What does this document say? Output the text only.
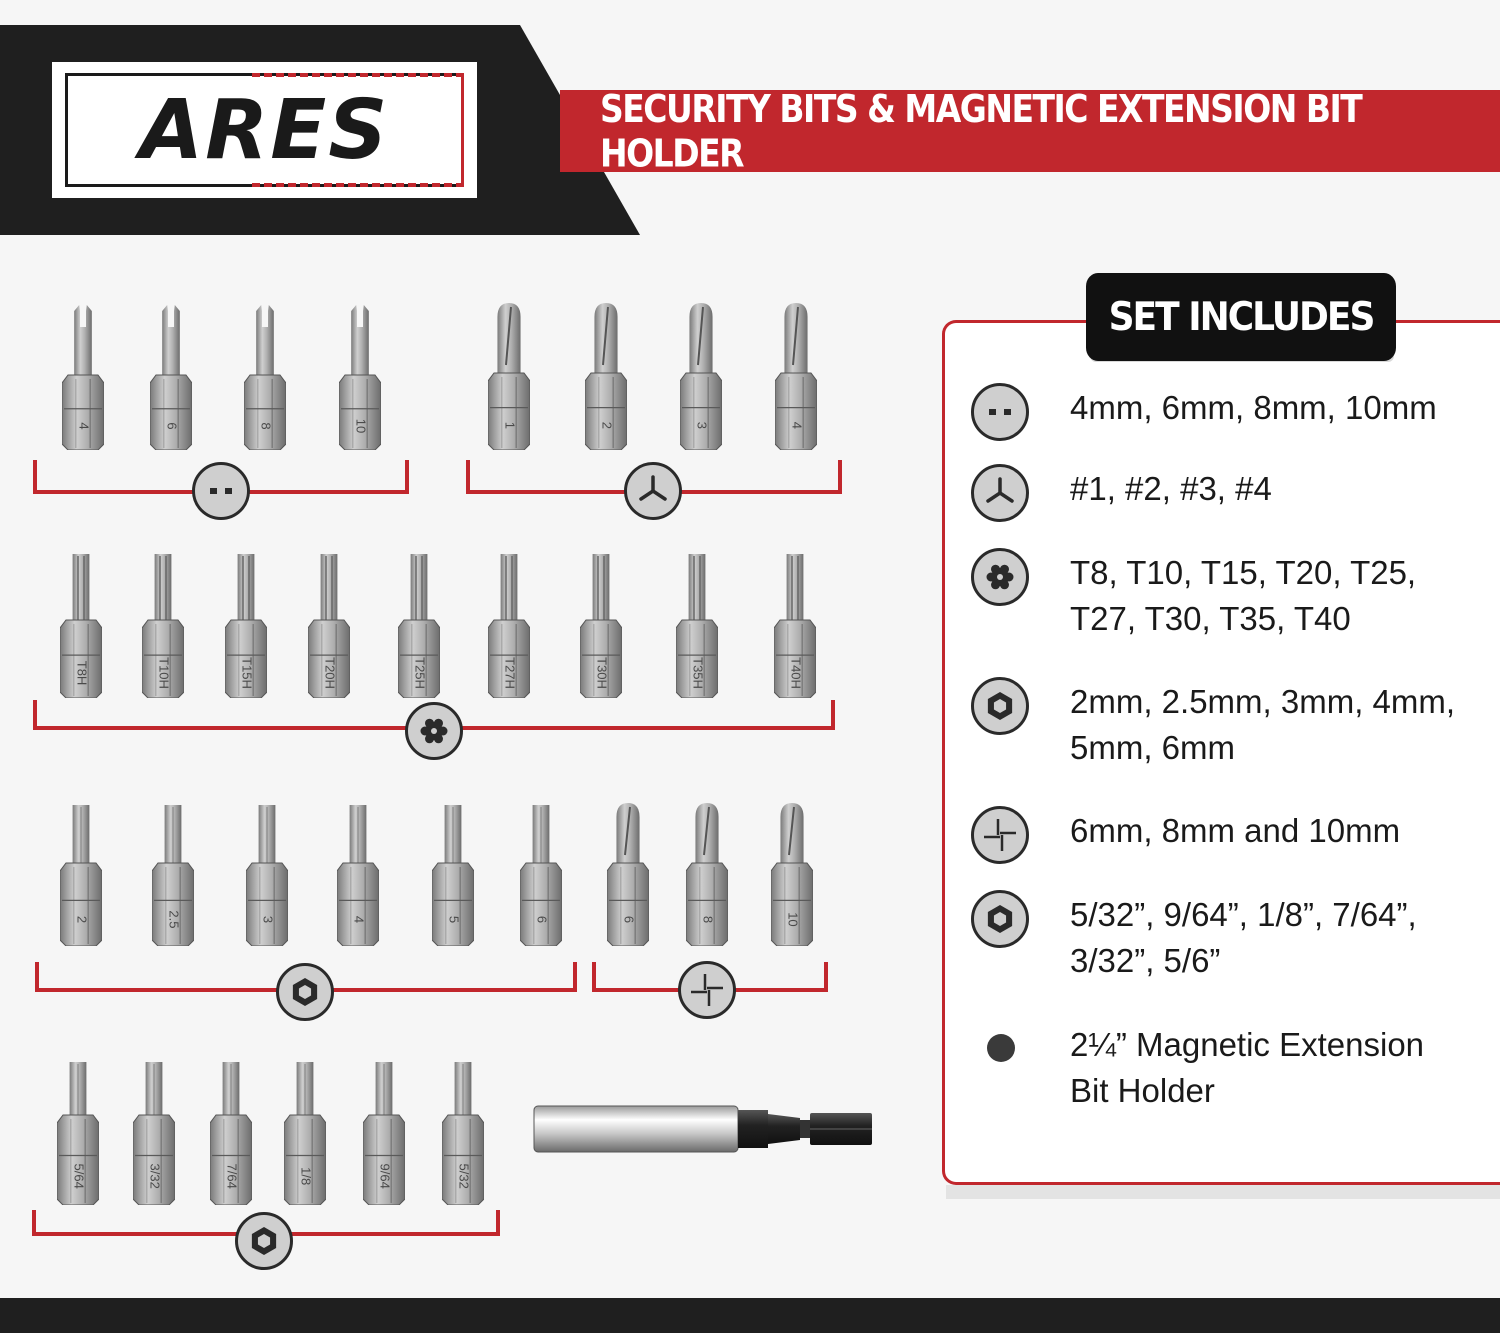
SECURITY BITS & MAGNETIC EXTENSION BIT HOLDER
ARES
4	6	8	10	1	2	3	4
T8H	T10H	T15H	T20H	T25H	T27H	T30H	T35H	T40H
2	2.5	3	4	5	6	6	8	10
5/64	3/32	7/64	1/8	9/64	5/32
SET INCLUDES
4mm, 6mm, 8mm, 10mm
#1, #2, #3, #4
T8, T10, T15, T20, T25,
T27, T30, T35, T40
2mm, 2.5mm, 3mm, 4mm,
5mm, 6mm
6mm, 8mm and 10mm
5/32”, 9/64”, 1/8”, 7/64”,
3/32”, 5/6”
2¼” Magnetic Extension
Bit Holder
